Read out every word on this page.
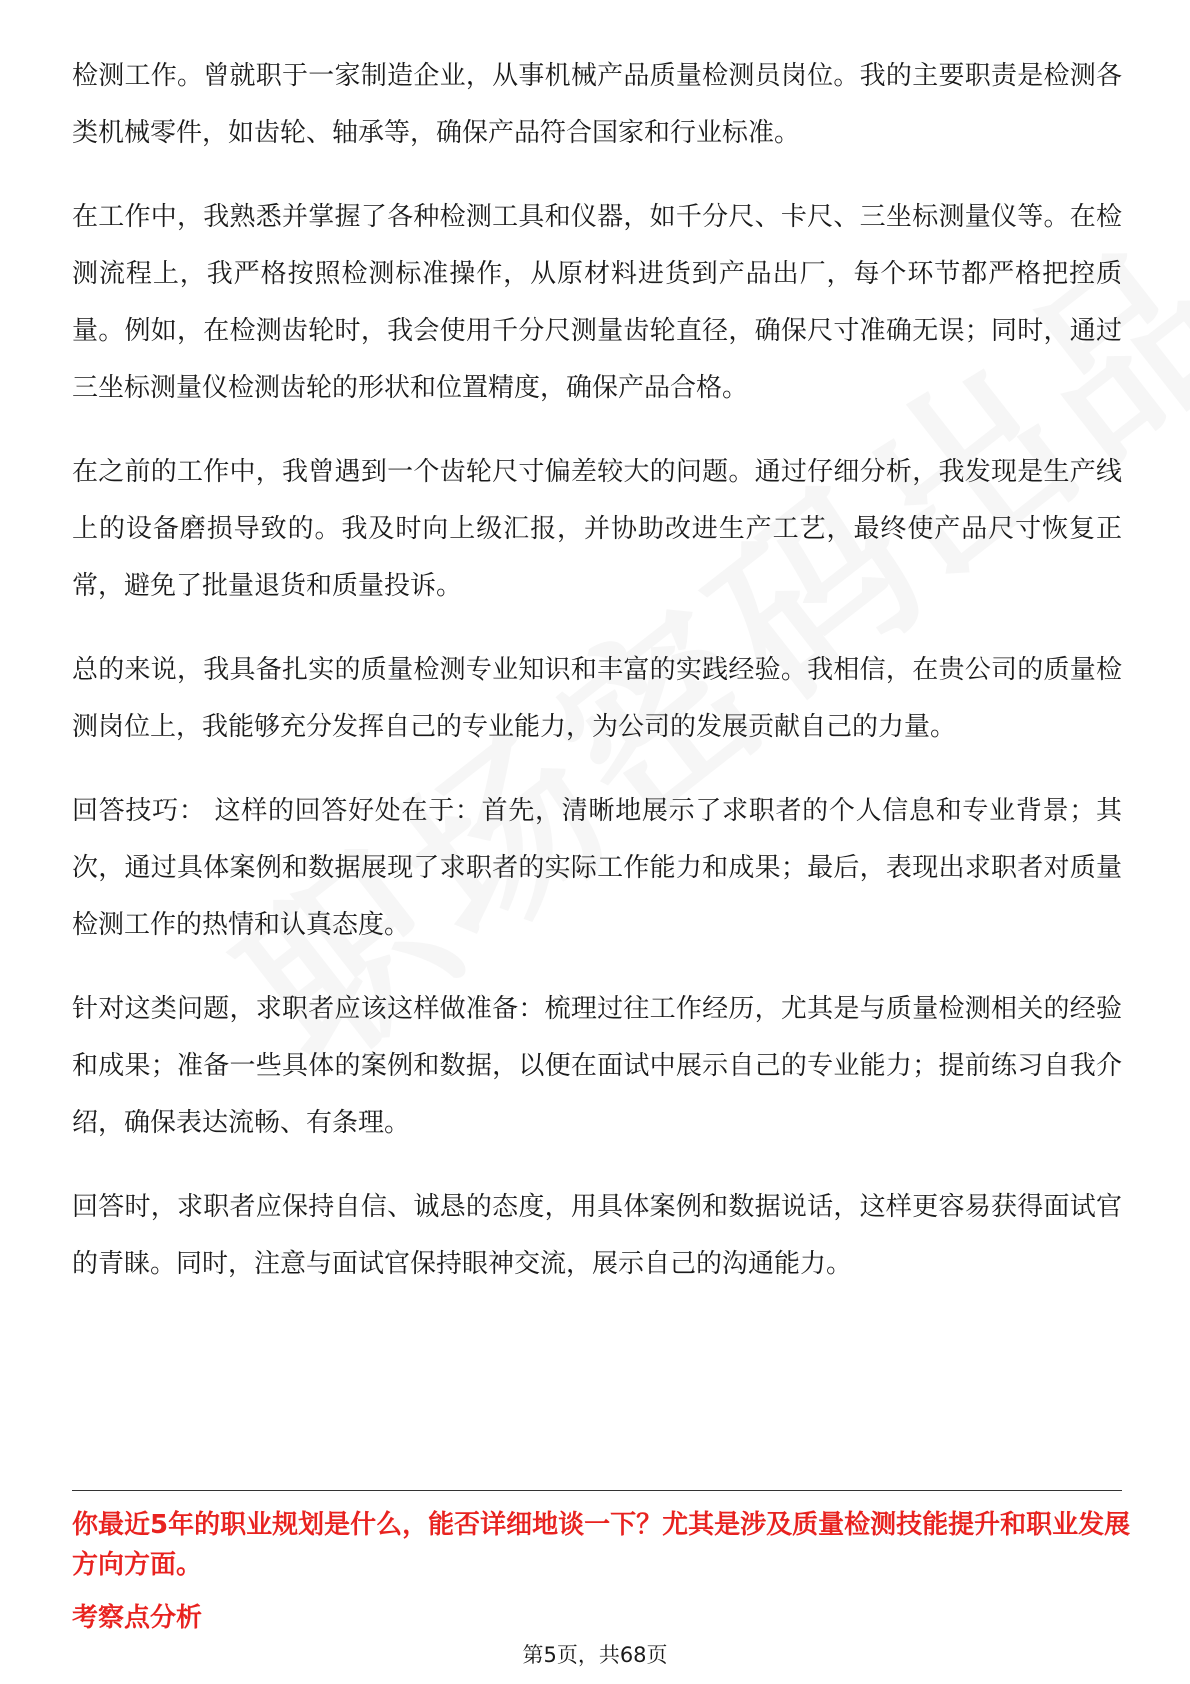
检测工作。曾就职于一家制造企业，从事机械产品质量检测员岗位。我的主要职责是检测各类机械零件，如齿轮、轴承等，确保产品符合国家和行业标准。

在工作中，我熟悉并掌握了各种检测工具和仪器，如千分尺、卡尺、三坐标测量仪等。在检测流程上，我严格按照检测标准操作，从原材料进货到产品出厂，每个环节都严格把控质量。例如，在检测齿轮时，我会使用千分尺测量齿轮直径，确保尺寸准确无误；同时，通过三坐标测量仪检测齿轮的形状和位置精度，确保产品合格。

在之前的工作中，我曾遇到一个齿轮尺寸偏差较大的问题。通过仔细分析，我发现是生产线上的设备磨损导致的。我及时向上级汇报，并协助改进生产工艺，最终使产品尺寸恢复正常，避免了批量退货和质量投诉。

总的来说，我具备扎实的质量检测专业知识和丰富的实践经验。我相信，在贵公司的质量检测岗位上，我能够充分发挥自己的专业能力，为公司的发展贡献自己的力量。

回答技巧： 这样的回答好处在于：首先，清晰地展示了求职者的个人信息和专业背景；其次，通过具体案例和数据展现了求职者的实际工作能力和成果；最后，表现出求职者对质量检测工作的热情和认真态度。

针对这类问题，求职者应该这样做准备：梳理过往工作经历，尤其是与质量检测相关的经验和成果；准备一些具体的案例和数据，以便在面试中展示自己的专业能力；提前练习自我介绍，确保表达流畅、有条理。

回答时，求职者应保持自信、诚恳的态度，用具体案例和数据说话，这样更容易获得面试官的青睐。同时，注意与面试官保持眼神交流，展示自己的沟通能力。

你最近5年的职业规划是什么，能否详细地谈一下？尤其是涉及质量检测技能提升和职业发展方向方面。

考察点分析

第5页，共68页
